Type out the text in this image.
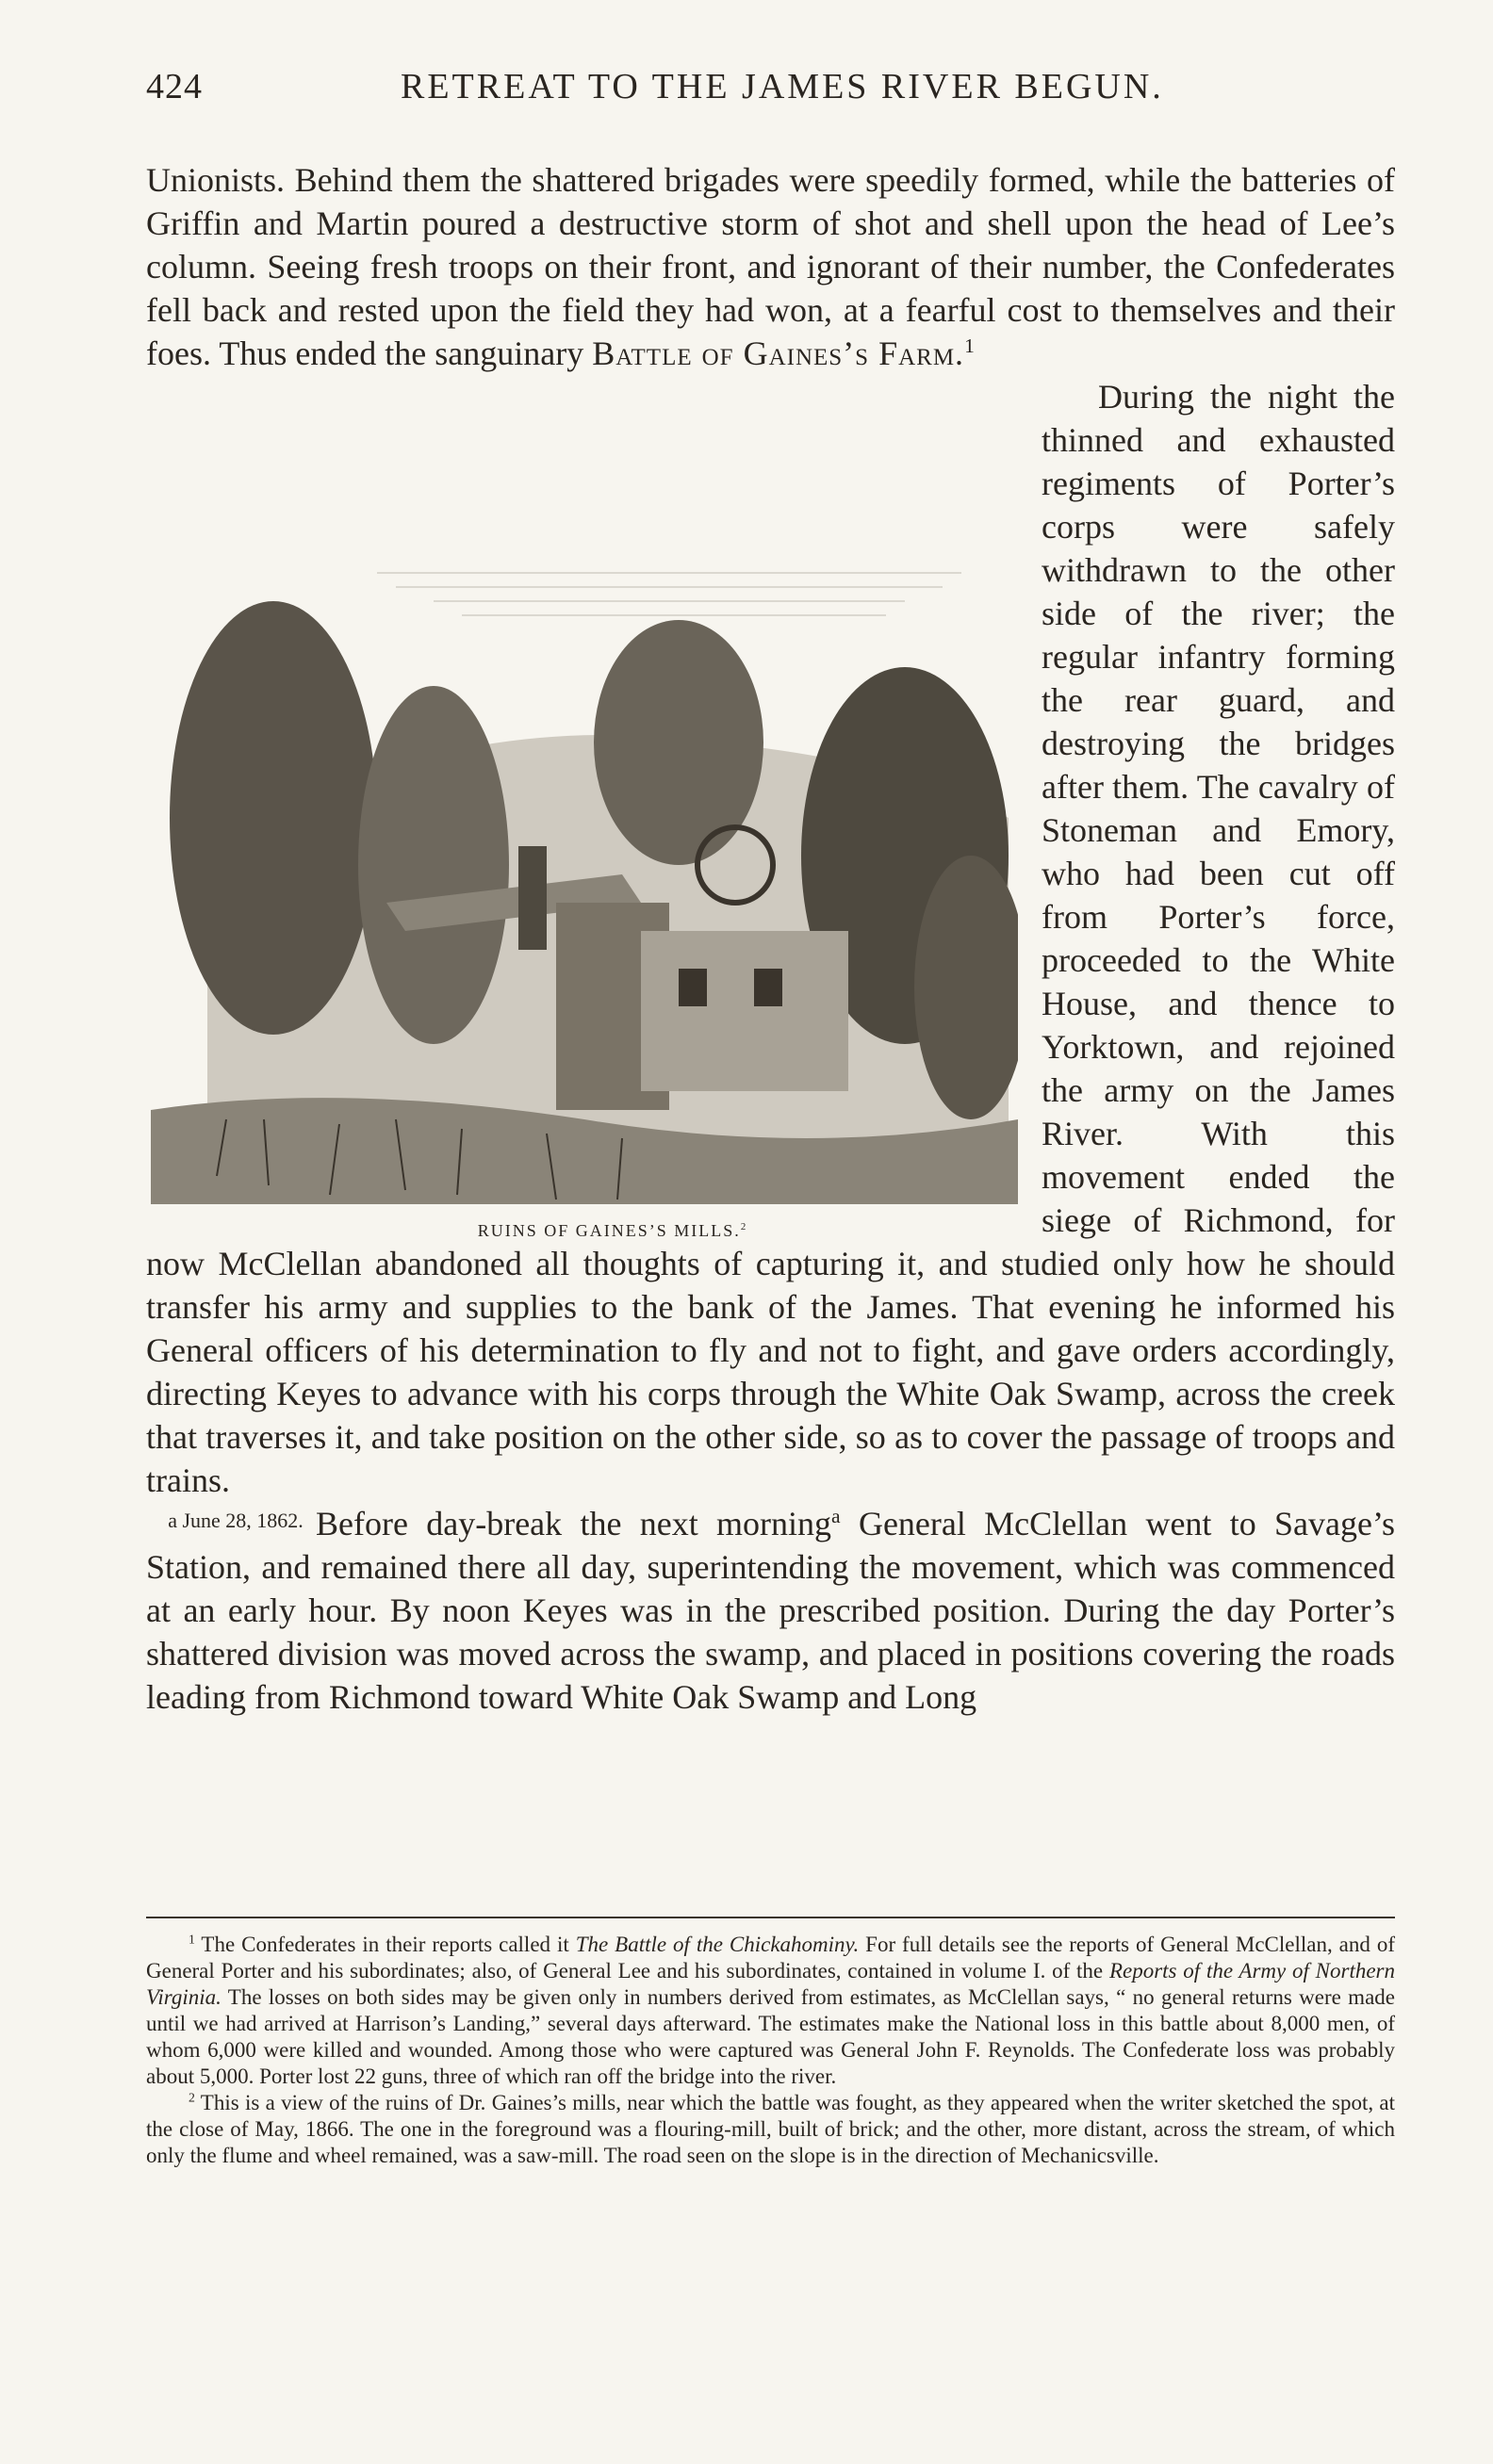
424	RETREAT TO THE JAMES RIVER BEGUN.

Unionists. Behind them the shattered brigades were speedily formed, while the batteries of Griffin and Martin poured a destructive storm of shot and shell upon the head of Lee’s column. Seeing fresh troops on their front, and ignorant of their number, the Confederates fell back and rested upon the field they had won, at a fearful cost to themselves and their foes. Thus ended the sanguinary Battle of Gaines’s Farm.$^1$

RUINS OF GAINES’S MILLS.$^2$
During the night the thinned and exhausted regiments of Porter’s corps were safely withdrawn to the other side of the river; the regular infantry forming the rear guard, and destroying the bridges after them. The cavalry of Stoneman and Emory, who had been cut off from Porter’s force, proceeded to the White House, and thence to Yorktown, and rejoined the army on the James River. With this movement ended the siege of Richmond, for now McClellan abandoned all thoughts of capturing it, and studied only how he should transfer his army and supplies to the bank of the James. That evening he informed his General officers of his determination to fly and not to fight, and gave orders accordingly, directing Keyes to advance with his corps through the White Oak Swamp, across the creek that traverses it, and take position on the other side, so as to cover the passage of troops and trains.

a June 28, 1862. Before day-break the next morning$^a$ General McClellan went to Savage’s Station, and remained there all day, superintending the movement, which was commenced at an early hour. By noon Keyes was in the prescribed position. During the day Porter’s shattered division was moved across the swamp, and placed in positions covering the roads leading from Richmond toward White Oak Swamp and Long

$^1$ The Confederates in their reports called it The Battle of the Chickahominy. For full details see the reports of General McClellan, and of General Porter and his subordinates; also, of General Lee and his subordinates, contained in volume I. of the Reports of the Army of Northern Virginia. The losses on both sides may be given only in numbers derived from estimates, as McClellan says, “ no general returns were made until we had arrived at Harrison’s Landing,” several days afterward. The estimates make the National loss in this battle about 8,000 men, of whom 6,000 were killed and wounded. Among those who were captured was General John F. Reynolds. The Confederate loss was probably about 5,000. Porter lost 22 guns, three of which ran off the bridge into the river.

$^2$ This is a view of the ruins of Dr. Gaines’s mills, near which the battle was fought, as they appeared when the writer sketched the spot, at the close of May, 1866. The one in the foreground was a flouring-mill, built of brick; and the other, more distant, across the stream, of which only the flume and wheel remained, was a saw-mill. The road seen on the slope is in the direction of Mechanicsville.
